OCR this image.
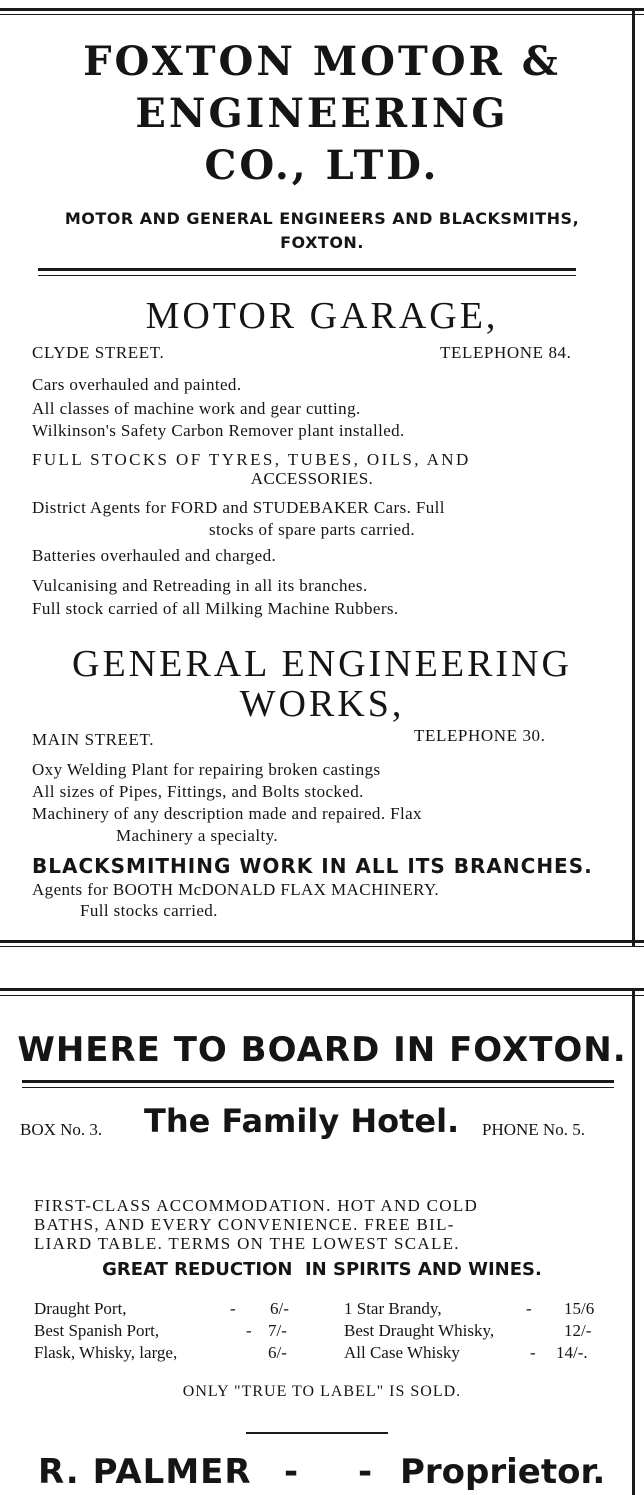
FOXTON MOTOR &
ENGINEERING
CO., LTD.
MOTOR AND GENERAL ENGINEERS AND BLACKSMITHS,
FOXTON.
MOTOR GARAGE,
CLYDE STREET.	TELEPHONE 84.
Cars overhauled and painted.
All classes of machine work and gear cutting.
Wilkinson's Safety Carbon Remover plant installed.
FULL STOCKS OF TYRES, TUBES, OILS, AND
ACCESSORIES.
District Agents for FORD and STUDEBAKER Cars. Full
stocks of spare parts carried.
Batteries overhauled and charged.
Vulcanising and Retreading in all its branches.
Full stock carried of all Milking Machine Rubbers.
GENERAL ENGINEERING
WORKS,
MAIN STREET.	TELEPHONE 30.
Oxy Welding Plant for repairing broken castings
All sizes of Pipes, Fittings, and Bolts stocked.
Machinery of any description made and repaired. Flax
Machinery a specialty.
BLACKSMITHING WORK IN ALL ITS BRANCHES.
Agents for BOOTH McDONALD FLAX MACHINERY.
Full stocks carried.
WHERE TO BOARD IN FOXTON.
BOX No. 3. The Family Hotel. PHONE No. 5.
FIRST-CLASS ACCOMMODATION. HOT AND COLD
BATHS, AND EVERY CONVENIENCE. FREE BIL-
LIARD TABLE. TERMS ON THE LOWEST SCALE.
GREAT REDUCTION  IN SPIRITS AND WINES.
Draught Port,	- 6/-
Best Spanish Port,	- 7/-
Flask, Whisky, large,	6/-
1 Star Brandy,	- 15/6
Best Draught Whisky,	12/-
All Case Whisky	- 14/-.
ONLY "TRUE TO LABEL" IS SOLD.
R. PALMER - - Proprietor.
